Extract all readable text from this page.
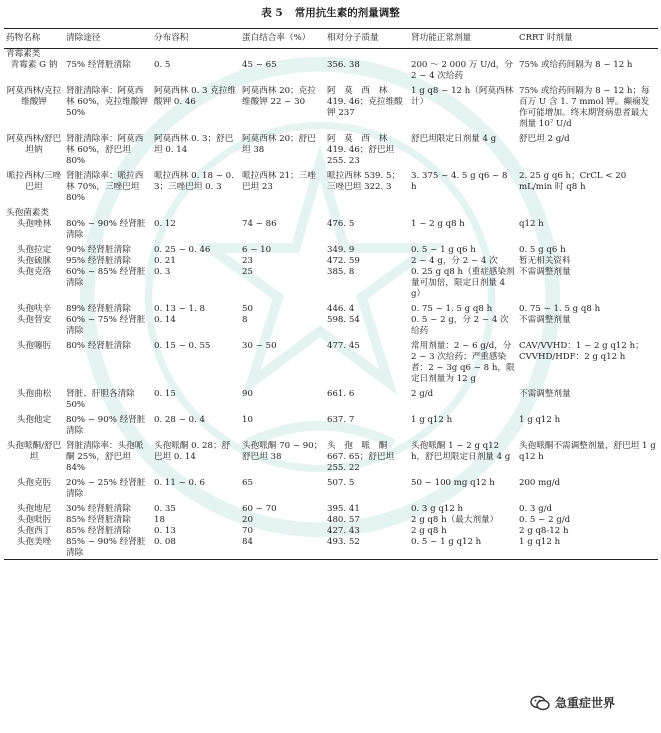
表 5 常用抗生素的剂量调整
药物名称	清除途径	分布容积	蛋白结合率（%）	相对分子质量	肾功能正常剂量	CRRT 时剂量
青霉素类						
青霉素 G 钠	75% 经肾脏清除	0. 5	45 ~ 65	356. 38	200 ～ 2 000 万 U/d，分 2 ~ 4 次给药	75% 或给药间隔为 8 ~ 12 h

阿莫西林/克拉维酸钾	肾脏清除率：阿莫西林 60%，克拉维酸钾 50%	阿莫西林 0. 3 克拉维酸钾 0. 46	阿莫西林 20；克拉维酸钾 22 ~ 30	阿　莫　西　林 419. 46；克拉维酸钾 237	1 g q8 ~ 12 h（阿莫西林计）	75% 或给药间隔为 8 ~ 12 h；每百万 U 含 1. 7 mmol 钾。癫痫发作可能增加。终末期肾病患者最大剂量 10⁷ U/d

阿莫西林/舒巴坦钠	肾脏清除率：阿莫西林 60%，舒巴坦 80%	阿莫西林 0. 3；舒巴坦 0. 14	阿莫西林 20；舒巴坦 38	阿　莫　西　林 419. 46；舒巴坦 255. 23	舒巴坦限定日剂量 4 g	舒巴坦 2 g/d

哌拉西林/三唑巴坦	肾脏清除率：哌拉西林 70%，三唑巴坦 80%	哌拉西林 0. 18 ~ 0. 3；三唑巴坦 0. 3	哌拉西林 21；三唑巴坦 23	哌拉西林 539. 5；三唑巴坦 322. 3	3. 375 ~ 4. 5 g q6 ~ 8 h	2. 25 g q6 h；CrCL < 20 mL/min 时 q8 h

头孢菌素类						
头孢唑林	80% ~ 90% 经肾脏清除	0. 12	74 ~ 86	476. 5	1 ~ 2 g q8 h	q12 h

头孢拉定	90% 经肾脏清除	0. 25 ~ 0. 46	6 ~ 10	349. 9	0. 5 ~ 1 g q6 h	0. 5 g q6 h
头孢硫脒	95% 经肾脏清除	0. 21	23	472. 59	2 ~ 4 g，分 2 ~ 4 次	暂无相关资料
头孢克洛	60% ~ 85% 经肾脏清除	0. 3	25	385. 8	0. 25 g q8 h（重症感染剂量可加倍，限定日剂量 4 g）	不需调整剂量

头孢呋辛	89% 经肾脏清除	0. 13 ~ 1. 8	50	446. 4	0. 75 ~ 1. 5 g q8 h	0. 75 ~ 1. 5 g q8 h
头孢替安	60% ~ 75% 经肾脏清除	0. 14	8	598. 54	0. 5 ~ 2 g，分 2 ~ 4 次给药	不需调整剂量

头孢噻肟	80% 经肾脏清除	0. 15 ~ 0. 55	30 ~ 50	477. 45	常用剂量：2 ~ 6 g/d，分 2 ~ 3 次给药；严重感染者：2 ~ 3g q6 ~ 8 h，限定日剂量为 12 g	CAV/VVHD：1 ~ 2 g q12 h；CVVHD/HDF：2 g q12 h

头孢曲松	肾脏、肝胆各清除 50%	0. 15	90	661. 6	2 g/d	不需调整剂量

头孢他定	80% ~ 90% 经肾脏清除	0. 28 ~ 0. 4	10	637. 7	1 g q12 h	1 g q12 h

头孢哌酮/舒巴坦	肾脏清除率：头孢哌酮 25%，舒巴坦 84%	头孢哌酮 0. 28；舒巴坦 0. 14	头孢哌酮 70 ~ 90；舒巴坦 38	头　孢　哌　酮 667. 65；舒巴坦 255. 22	头孢哌酮 1 ~ 2 g q12 h，舒巴坦限定日剂量 4 g	头孢哌酮不需调整剂量，舒巴坦 1 g q12 h

头孢克肟	20% ~ 25% 经肾脏清除	0. 11 ~ 0. 6	65	507. 5	50 ~ 100 mg q12 h	200 mg/d

头孢地尼	30% 经肾脏清除	0. 35	60 ~ 70	395. 41	0. 3 g q12 h	0. 3 g/d
头孢吡肟	85% 经肾脏清除	18	20	480. 57	2 g q8 h（最大剂量）	0. 5 ~ 2 g/d
头孢西丁	85% 经肾脏清除	0. 13	70	427. 43	2 g q8 h	2 g q8-12 h
头孢美唑	85% ~ 90% 经肾脏清除	0. 08	84	493. 52	0. 5 ~ 1 g q12 h	1 g q12 h

急重症世界
